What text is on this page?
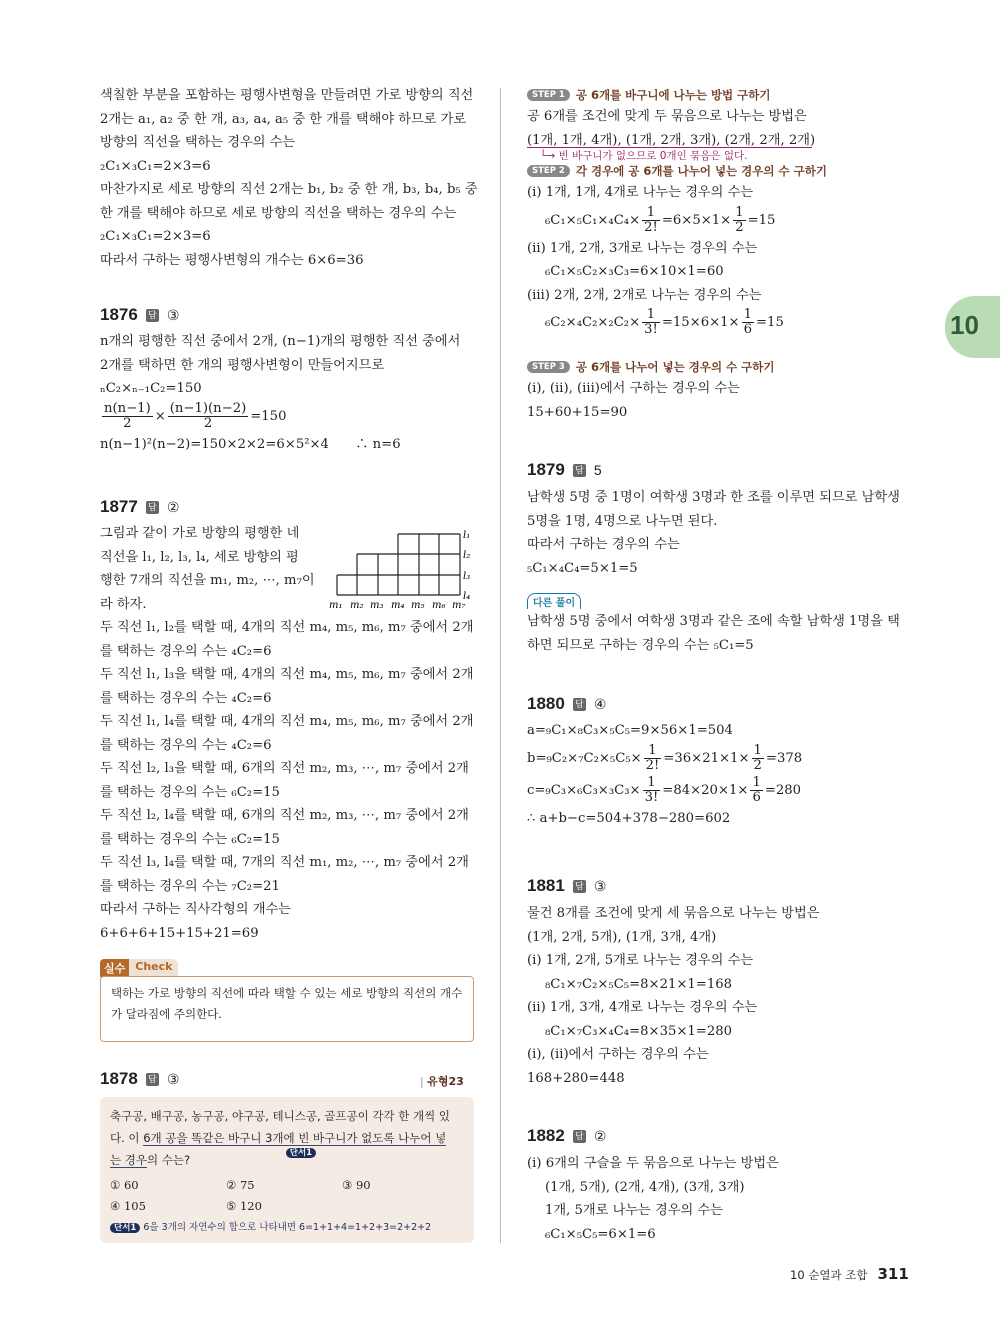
10
색칠한 부분을 포함하는 평행사변형을 만들려면 가로 방향의 직선
2개는 a₁, a₂ 중 한 개, a₃, a₄, a₅ 중 한 개를 택해야 하므로 가로
방향의 직선을 택하는 경우의 수는
₂C₁×₃C₁=2×3=6
마찬가지로 세로 방향의 직선 2개는 b₁, b₂ 중 한 개, b₃, b₄, b₅ 중
한 개를 택해야 하므로 세로 방향의 직선을 택하는 경우의 수는
₂C₁×₃C₁=2×3=6
따라서 구하는 평행사변형의 개수는 6×6=36
1876 답 ③
n개의 평행한 직선 중에서 2개, (n−1)개의 평행한 직선 중에서
2개를 택하면 한 개의 평행사변형이 만들어지므로
ₙC₂×ₙ₋₁C₂=150
$\frac{n(n-1)}{2} \times \frac{(n-1)(n-2)}{2} =150$
n(n−1)²(n−2)=150×2×2=6×5²×4　　∴ n=6
1877 답 ②
그림과 같이 가로 방향의 평행한 네
직선을 l₁, l₂, l₃, l₄, 세로 방향의 평
행한 7개의 직선을 m₁, m₂, ⋯, m₇이
라 하자.
l₁
l₂
l₃
l₄
m₁ m₂ m₃ m₄ m₅ m₆ m₇
두 직선 l₁, l₂를 택할 때, 4개의 직선 m₄, m₅, m₆, m₇ 중에서 2개
를 택하는 경우의 수는 ₄C₂=6
두 직선 l₁, l₃을 택할 때, 4개의 직선 m₄, m₅, m₆, m₇ 중에서 2개
를 택하는 경우의 수는 ₄C₂=6
두 직선 l₁, l₄를 택할 때, 4개의 직선 m₄, m₅, m₆, m₇ 중에서 2개
를 택하는 경우의 수는 ₄C₂=6
두 직선 l₂, l₃을 택할 때, 6개의 직선 m₂, m₃, ⋯, m₇ 중에서 2개
를 택하는 경우의 수는 ₆C₂=15
두 직선 l₂, l₄를 택할 때, 6개의 직선 m₂, m₃, ⋯, m₇ 중에서 2개
를 택하는 경우의 수는 ₆C₂=15
두 직선 l₃, l₄를 택할 때, 7개의 직선 m₁, m₂, ⋯, m₇ 중에서 2개
를 택하는 경우의 수는 ₇C₂=21
따라서 구하는 직사각형의 개수는
6+6+6+15+15+21=69
실수 Check
택하는 가로 방향의 직선에 따라 택할 수 있는 세로 방향의 직선의 개수
가 달라짐에 주의한다.
1878 답 ③	| 유형23
축구공, 배구공, 농구공, 야구공, 테니스공, 골프공이 각각 한 개씩 있
다. 이 6개 공을 똑같은 바구니 3개에 빈 바구니가 없도록 나누어 넣
는 경우의 수는?	$^{단서1}$
① 60	② 75	③ 90
④ 105	⑤ 120
단서1 6을 3개의 자연수의 합으로 나타내면 6=1+1+4=1+2+3=2+2+2
STEP 1 공 6개를 바구니에 나누는 방법 구하기
공 6개를 조건에 맞게 두 묶음으로 나누는 방법은
(1개, 1개, 4개), (1개, 2개, 3개), (2개, 2개, 2개)
└→ 빈 바구니가 없으므로 0개인 묶음은 없다.
STEP 2 각 경우에 공 6개를 나누어 넣는 경우의 수 구하기
(ⅰ) 1개, 1개, 4개로 나누는 경우의 수는
$_6C_1\times_5C_1\times_4C_4\times \frac{1}{2!} =6\times 5\times 1\times \frac{1}{2} =15$
(ⅱ) 1개, 2개, 3개로 나누는 경우의 수는
₆C₁×₅C₂×₃C₃=6×10×1=60
(ⅲ) 2개, 2개, 2개로 나누는 경우의 수는
$_6C_2\times_4C_2\times_2C_2\times \frac{1}{3!} =15\times 6\times 1\times \frac{1}{6} =15$
STEP 3 공 6개를 나누어 넣는 경우의 수 구하기
(ⅰ), (ⅱ), (ⅲ)에서 구하는 경우의 수는
15+60+15=90
1879 답 5
남학생 5명 중 1명이 여학생 3명과 한 조를 이루면 되므로 남학생
5명을 1명, 4명으로 나누면 된다.
따라서 구하는 경우의 수는
₅C₁×₄C₄=5×1=5
다른 풀이
남학생 5명 중에서 여학생 3명과 같은 조에 속할 남학생 1명을 택
하면 되므로 구하는 경우의 수는 ₅C₁=5
1880 답 ④
a=₉C₁×₈C₃×₅C₅=9×56×1=504
$b=_9C_2\times_7C_2\times_5C_5\times \frac{1}{2!} =36\times 21\times 1\times \frac{1}{2} =378$
$c=_9C_3\times_6C_3\times_3C_3\times \frac{1}{3!} =84\times 20\times 1\times \frac{1}{6} =280$
∴ a+b−c=504+378−280=602
1881 답 ③
물건 8개를 조건에 맞게 세 묶음으로 나누는 방법은
(1개, 2개, 5개), (1개, 3개, 4개)
(ⅰ) 1개, 2개, 5개로 나누는 경우의 수는
₈C₁×₇C₂×₅C₅=8×21×1=168
(ⅱ) 1개, 3개, 4개로 나누는 경우의 수는
₈C₁×₇C₃×₄C₄=8×35×1=280
(ⅰ), (ⅱ)에서 구하는 경우의 수는
168+280=448
1882 답 ②
(ⅰ) 6개의 구슬을 두 묶음으로 나누는 방법은
(1개, 5개), (2개, 4개), (3개, 3개)
1개, 5개로 나누는 경우의 수는
₆C₁×₅C₅=6×1=6
10 순열과 조합 311
